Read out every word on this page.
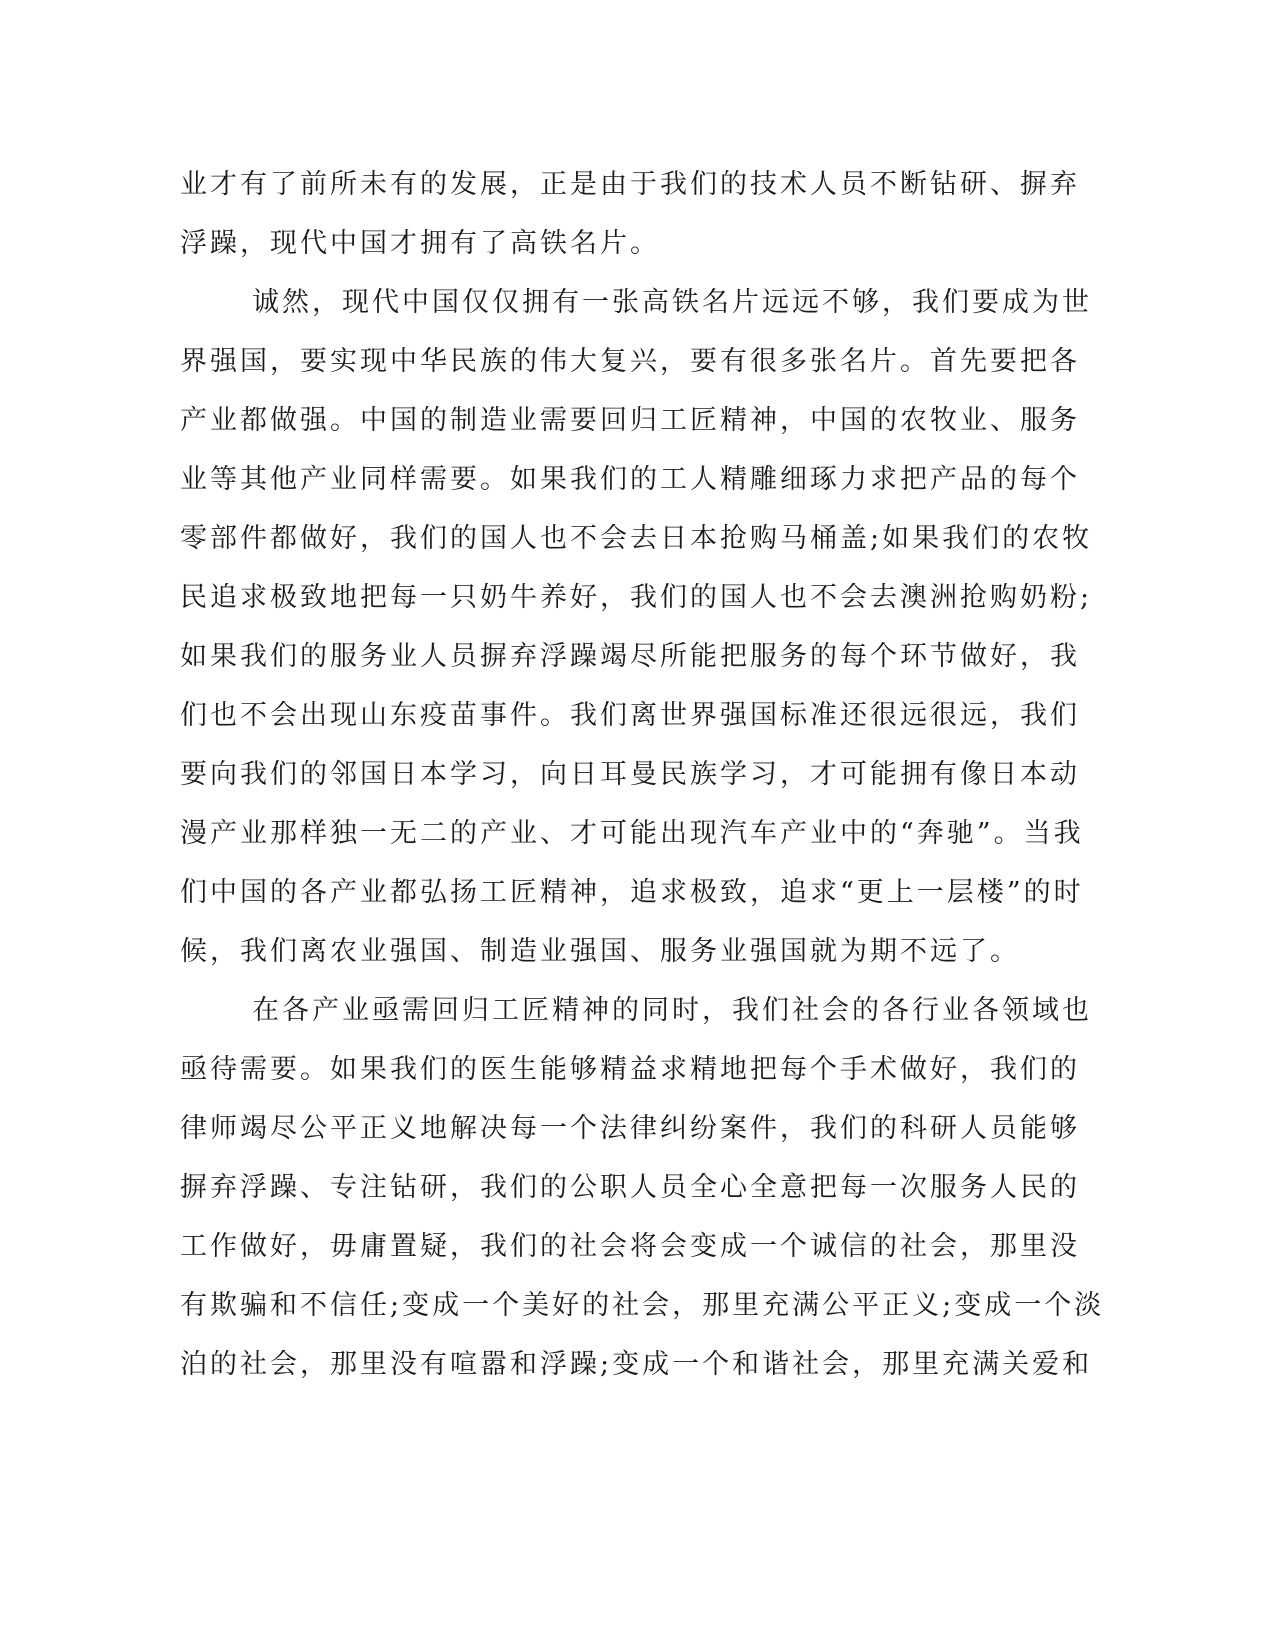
业才有了前所未有的发展，正是由于我们的技术人员不断钻研、摒弃
浮躁，现代中国才拥有了高铁名片。
诚然，现代中国仅仅拥有一张高铁名片远远不够，我们要成为世
界强国，要实现中华民族的伟大复兴，要有很多张名片。首先要把各
产业都做强。中国的制造业需要回归工匠精神，中国的农牧业、服务
业等其他产业同样需要。如果我们的工人精雕细琢力求把产品的每个
零部件都做好，我们的国人也不会去日本抢购马桶盖;如果我们的农牧
民追求极致地把每一只奶牛养好，我们的国人也不会去澳洲抢购奶粉;
如果我们的服务业人员摒弃浮躁竭尽所能把服务的每个环节做好，我
们也不会出现山东疫苗事件。我们离世界强国标准还很远很远，我们
要向我们的邻国日本学习，向日耳曼民族学习，才可能拥有像日本动
漫产业那样独一无二的产业、才可能出现汽车产业中的“奔驰”。当我
们中国的各产业都弘扬工匠精神，追求极致，追求“更上一层楼”的时
候，我们离农业强国、制造业强国、服务业强国就为期不远了。
在各产业亟需回归工匠精神的同时，我们社会的各行业各领域也
亟待需要。如果我们的医生能够精益求精地把每个手术做好，我们的
律师竭尽公平正义地解决每一个法律纠纷案件，我们的科研人员能够
摒弃浮躁、专注钻研，我们的公职人员全心全意把每一次服务人民的
工作做好，毋庸置疑，我们的社会将会变成一个诚信的社会，那里没
有欺骗和不信任;变成一个美好的社会，那里充满公平正义;变成一个淡
泊的社会，那里没有喧嚣和浮躁;变成一个和谐社会，那里充满关爱和
